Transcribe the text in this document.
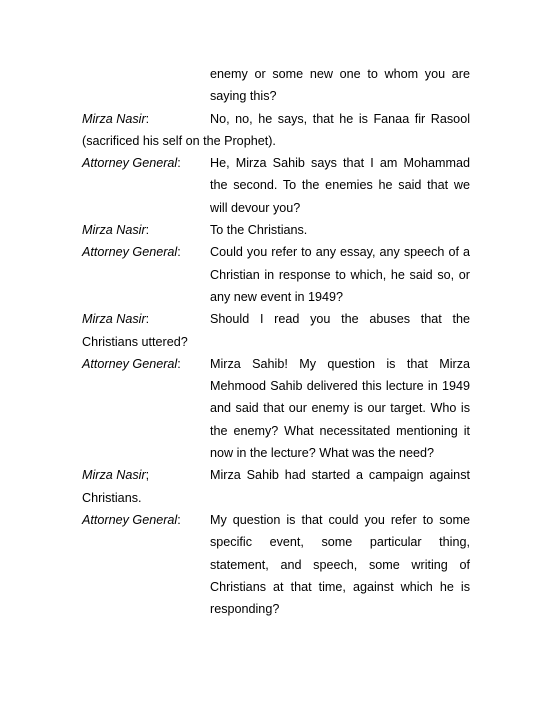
enemy or some new one to whom you are saying this?

Mirza Nasir:	No, no, he says, that he is Fanaa fir Rasool (sacrificed his self on the Prophet).

Attorney General: He, Mirza Sahib says that I am Mohammad the second. To the enemies he said that we will devour you?

Mirza Nasir:	To the Christians.

Attorney General: Could you refer to any essay, any speech of a Christian in response to which, he said so, or any new event in 1949?

Mirza Nasir:	Should I read you the abuses that the Christians uttered?

Attorney General: Mirza Sahib! My question is that Mirza Mehmood Sahib delivered this lecture in 1949 and said that our enemy is our target. Who is the enemy? What necessitated mentioning it now in the lecture? What was the need?

Mirza Nasir;	Mirza Sahib had started a campaign against Christians.

Attorney General: My question is that could you refer to some specific event, some particular thing, statement, and speech, some writing of Christians at that time, against which he is responding?
